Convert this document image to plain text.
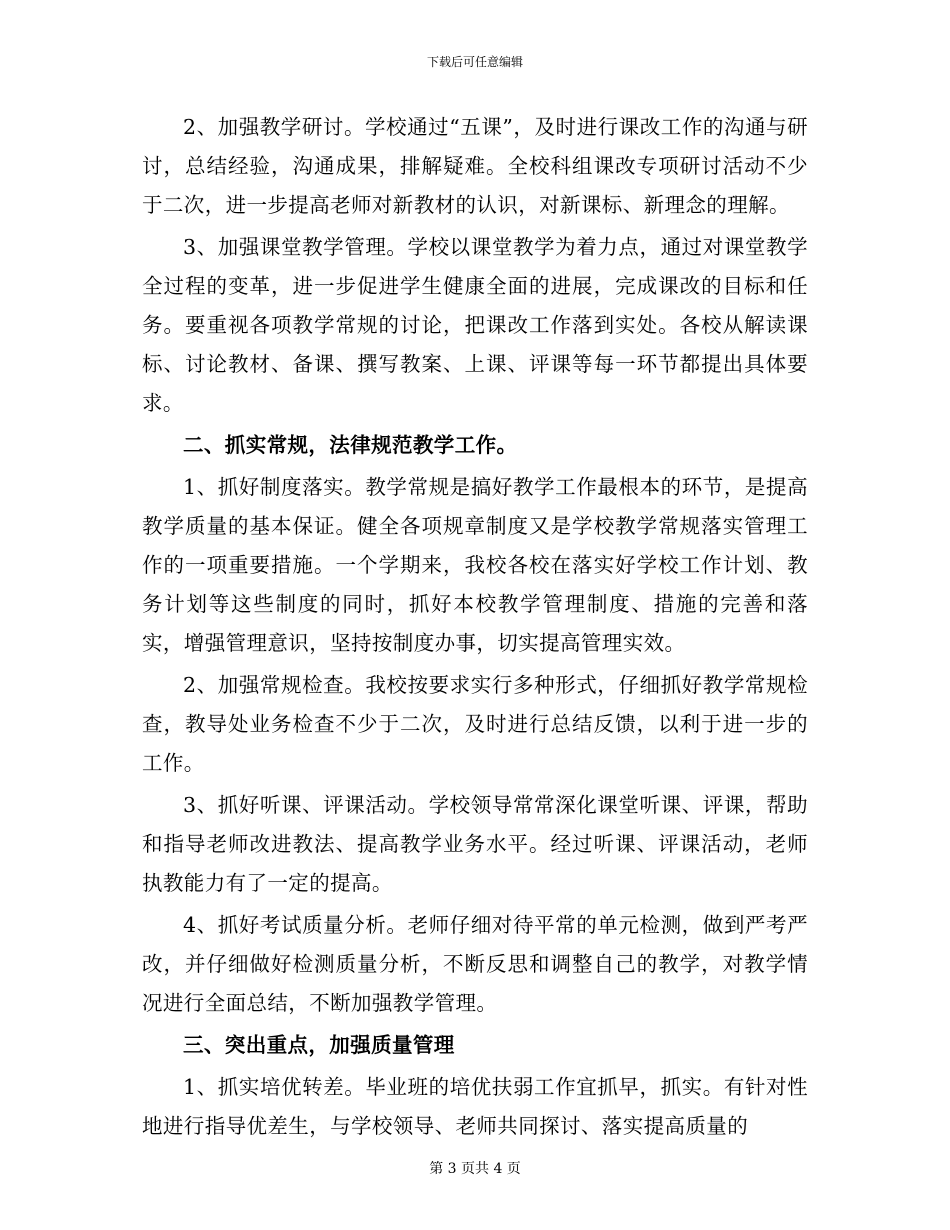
下载后可任意编辑

2、加强教学研讨。学校通过“五课”，及时进行课改工作的沟通与研讨，总结经验，沟通成果，排解疑难。全校科组课改专项研讨活动不少于二次，进一步提高老师对新教材的认识，对新课标、新理念的理解。

3、加强课堂教学管理。学校以课堂教学为着力点，通过对课堂教学全过程的变革，进一步促进学生健康全面的进展，完成课改的目标和任务。要重视各项教学常规的讨论，把课改工作落到实处。各校从解读课标、讨论教材、备课、撰写教案、上课、评课等每一环节都提出具体要求。

二、抓实常规，法律规范教学工作。

1、抓好制度落实。教学常规是搞好教学工作最根本的环节，是提高教学质量的基本保证。健全各项规章制度又是学校教学常规落实管理工作的一项重要措施。一个学期来，我校各校在落实好学校工作计划、教务计划等这些制度的同时，抓好本校教学管理制度、措施的完善和落实，增强管理意识，坚持按制度办事，切实提高管理实效。

2、加强常规检查。我校按要求实行多种形式，仔细抓好教学常规检查，教导处业务检查不少于二次，及时进行总结反馈，以利于进一步的工作。

3、抓好听课、评课活动。学校领导常常深化课堂听课、评课，帮助和指导老师改进教法、提高教学业务水平。经过听课、评课活动，老师执教能力有了一定的提高。

4、抓好考试质量分析。老师仔细对待平常的单元检测，做到严考严改，并仔细做好检测质量分析，不断反思和调整自己的教学，对教学情况进行全面总结，不断加强教学管理。

三、突出重点，加强质量管理

1、抓实培优转差。毕业班的培优扶弱工作宜抓早，抓实。有针对性地进行指导优差生，与学校领导、老师共同探讨、落实提高质量的

第 3 页共 4 页
